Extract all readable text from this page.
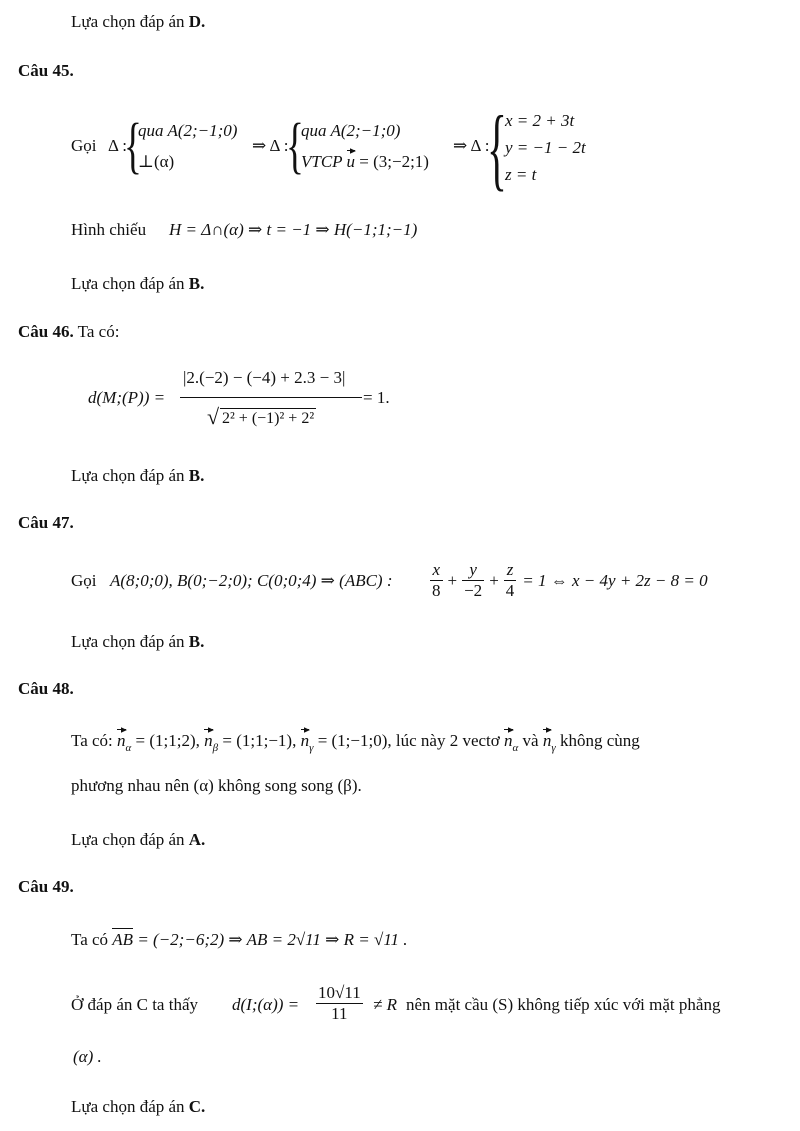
Lựa chọn đáp án D.
Câu 45.
Gọi Δ :
{
qua A(2;−1;0)
⊥(α)
⇒ Δ :
{
qua A(2;−1;0)
VTCP u = (3;−2;1)
⇒ Δ :
{
x = 2 + 3t
y = −1 − 2t
z = t
Hình chiếu H = Δ∩(α) ⇒ t = −1 ⇒ H(−1;1;−1)
Lựa chọn đáp án B.
Câu 46. Ta có:
d(M;(P)) =
|2.(−2) − (−4) + 2.3 − 3|
√ 2² + (−1)² + 2²
= 1.
Lựa chọn đáp án B.
Câu 47.
Gọi A(8;0;0), B(0;−2;0); C(0;0;4) ⇒ (ABC) : $\frac{x}{8} + \frac{y}{-2} + \frac{z}{4} = 1$ ⇔ x − 4y + 2z − 8 = 0
Lựa chọn đáp án B.
Câu 48.
Ta có: $n_\alpha$ = (1;1;2), $n_\beta$ = (1;1;−1), $n_\gamma$ = (1;−1;0), lúc này 2 vectơ $n_\alpha$ và $n_\gamma$ không cùng
phương nhau nên (α) không song song (β).
Lựa chọn đáp án A.
Câu 49.
Ta có AB = (−2;−6;2) ⇒ AB = 2√11 ⇒ R = √11 .
Ở đáp án C ta thấy d(I;(α)) = $\frac{10√11}{11} \ne R$ nên mặt cầu (S) không tiếp xúc với mặt phẳng
(α) .
Lựa chọn đáp án C.
